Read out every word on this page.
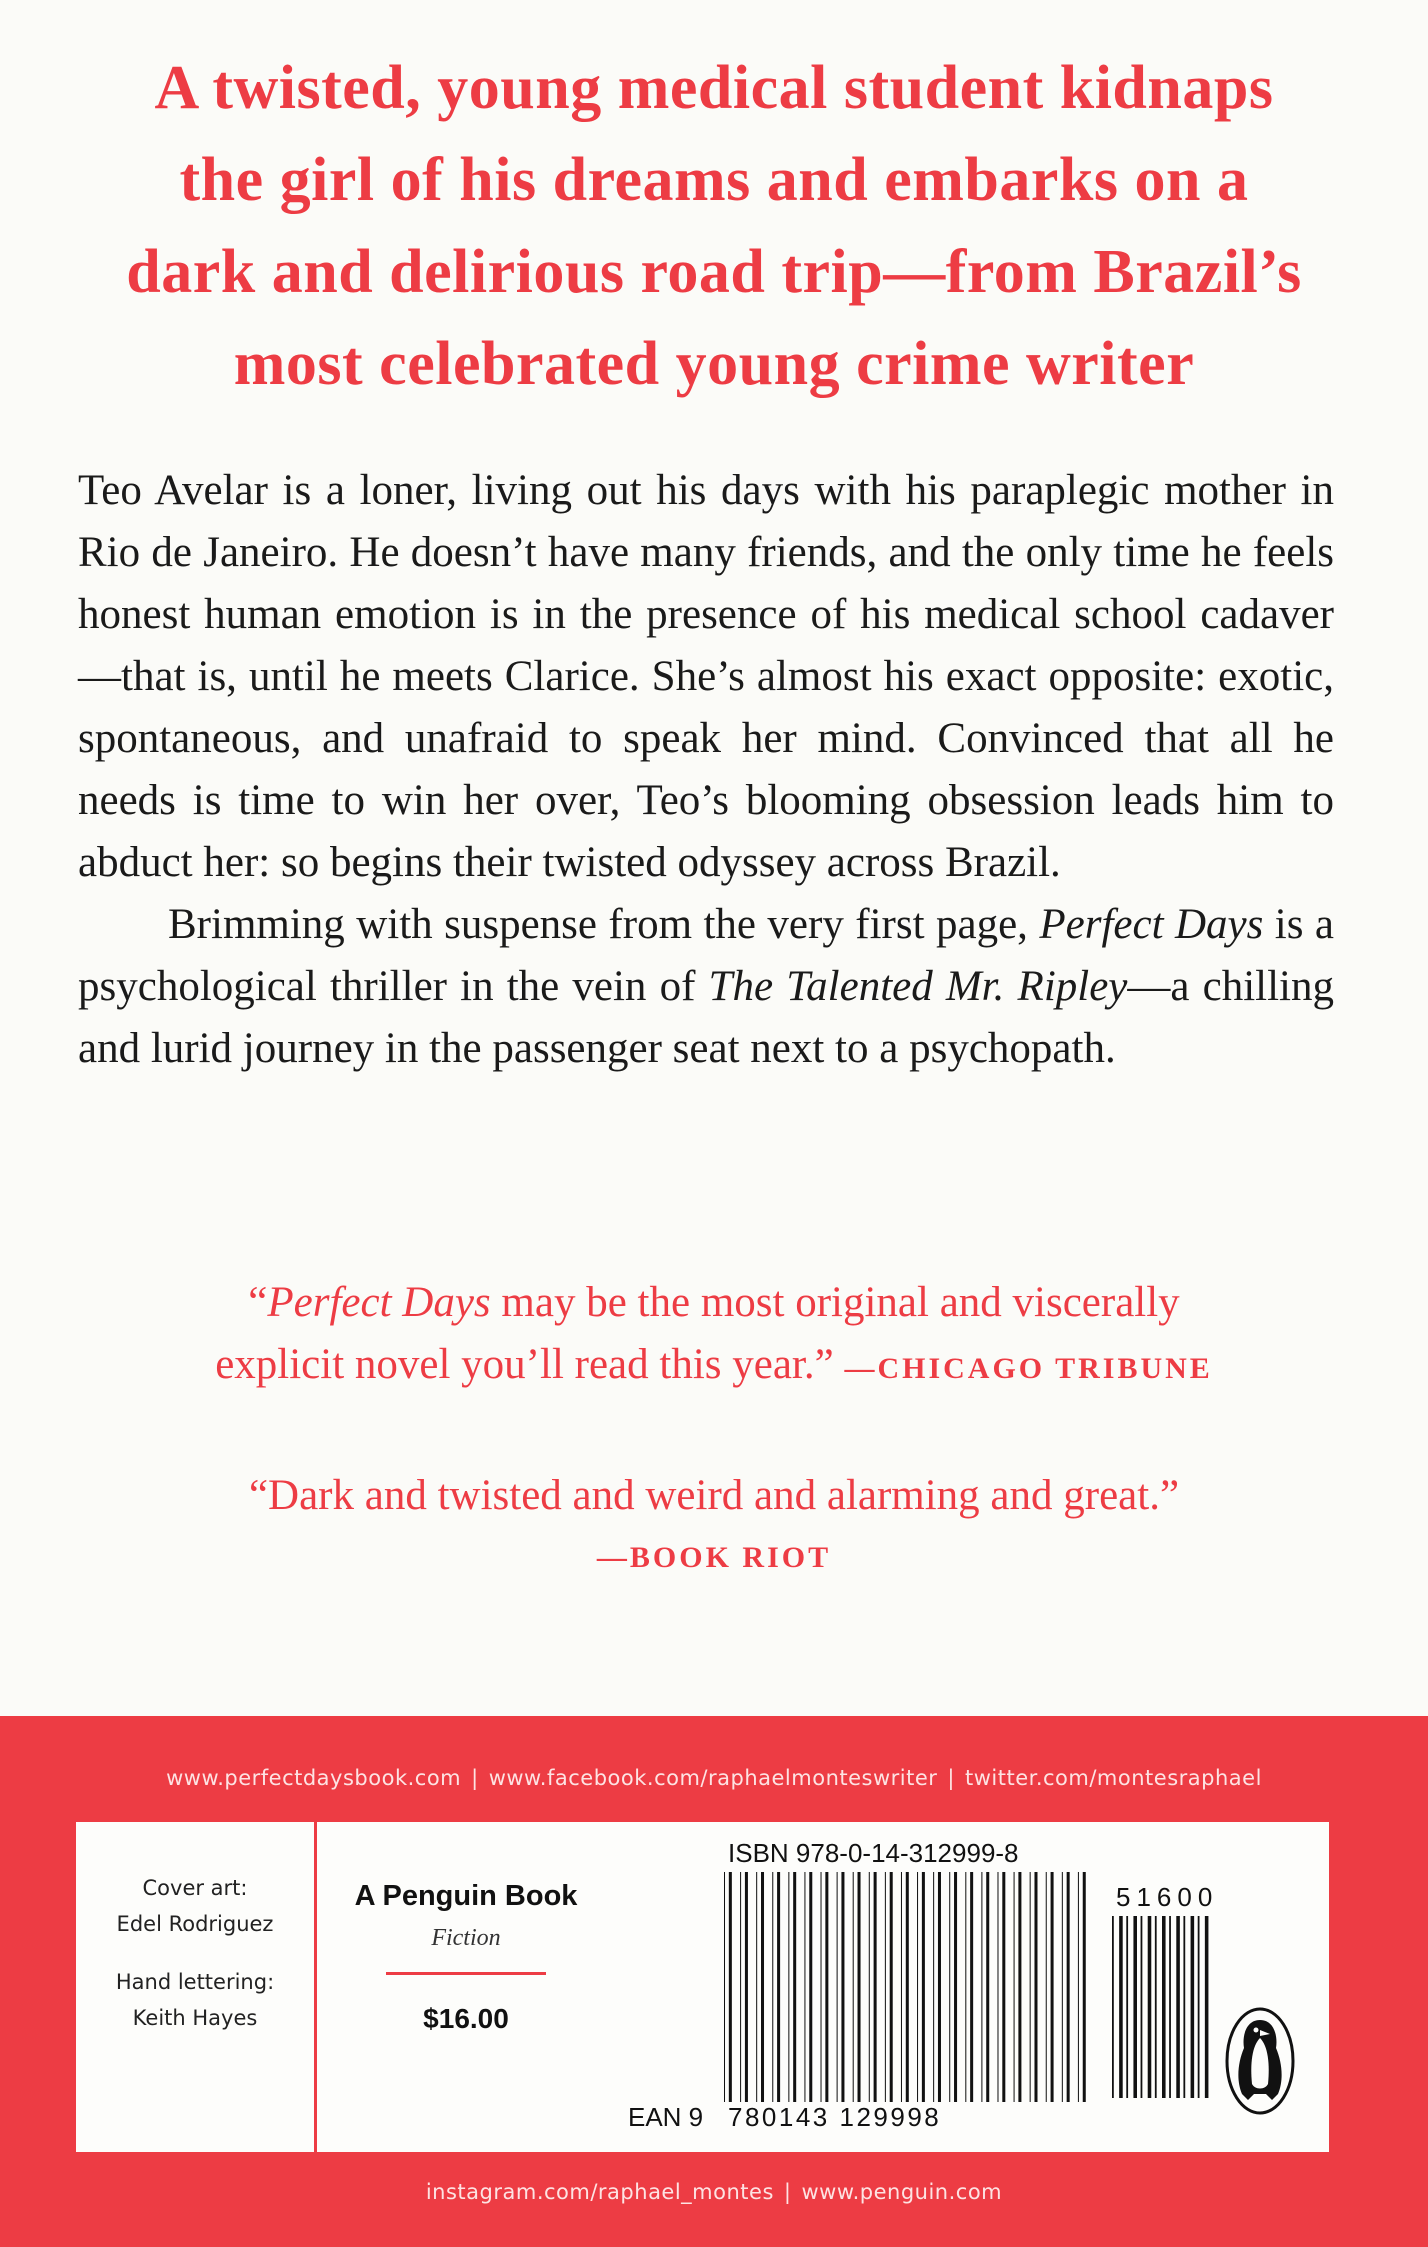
A twisted, young medical student kidnaps
the girl of his dreams and embarks on a
dark and delirious road trip—from Brazil’s
most celebrated young crime writer

Teo Avelar is a loner, living out his days with his paraplegic mother in Rio de Janeiro. He doesn’t have many friends, and the only time he feels honest human emotion is in the presence of his medical school cadaver—that is, until he meets Clarice. She’s almost his exact opposite: exotic, spontaneous, and unafraid to speak her mind. Convinced that all he needs is time to win her over, Teo’s blooming obsession leads him to abduct her: so begins their twisted odyssey across Brazil.

Brimming with suspense from the very first page, Perfect Days is a psychological thriller in the vein of The Talented Mr. Ripley—a chilling and lurid journey in the passenger seat next to a psychopath.

“Perfect Days may be the most original and viscerally
explicit novel you’ll read this year.” —CHICAGO TRIBUNE
“Dark and twisted and weird and alarming and great.”
—BOOK RIOT
www.perfectdaysbook.com | www.facebook.com/raphaelmonteswriter | twitter.com/montesraphael
Cover art:
Edel Rodriguez
Hand lettering:
Keith Hayes
A Penguin Book
Fiction
$16.00
ISBN 978-0-14-312999-8
EAN 9 780143 129998
51600
instagram.com/raphael_montes | www.penguin.com
